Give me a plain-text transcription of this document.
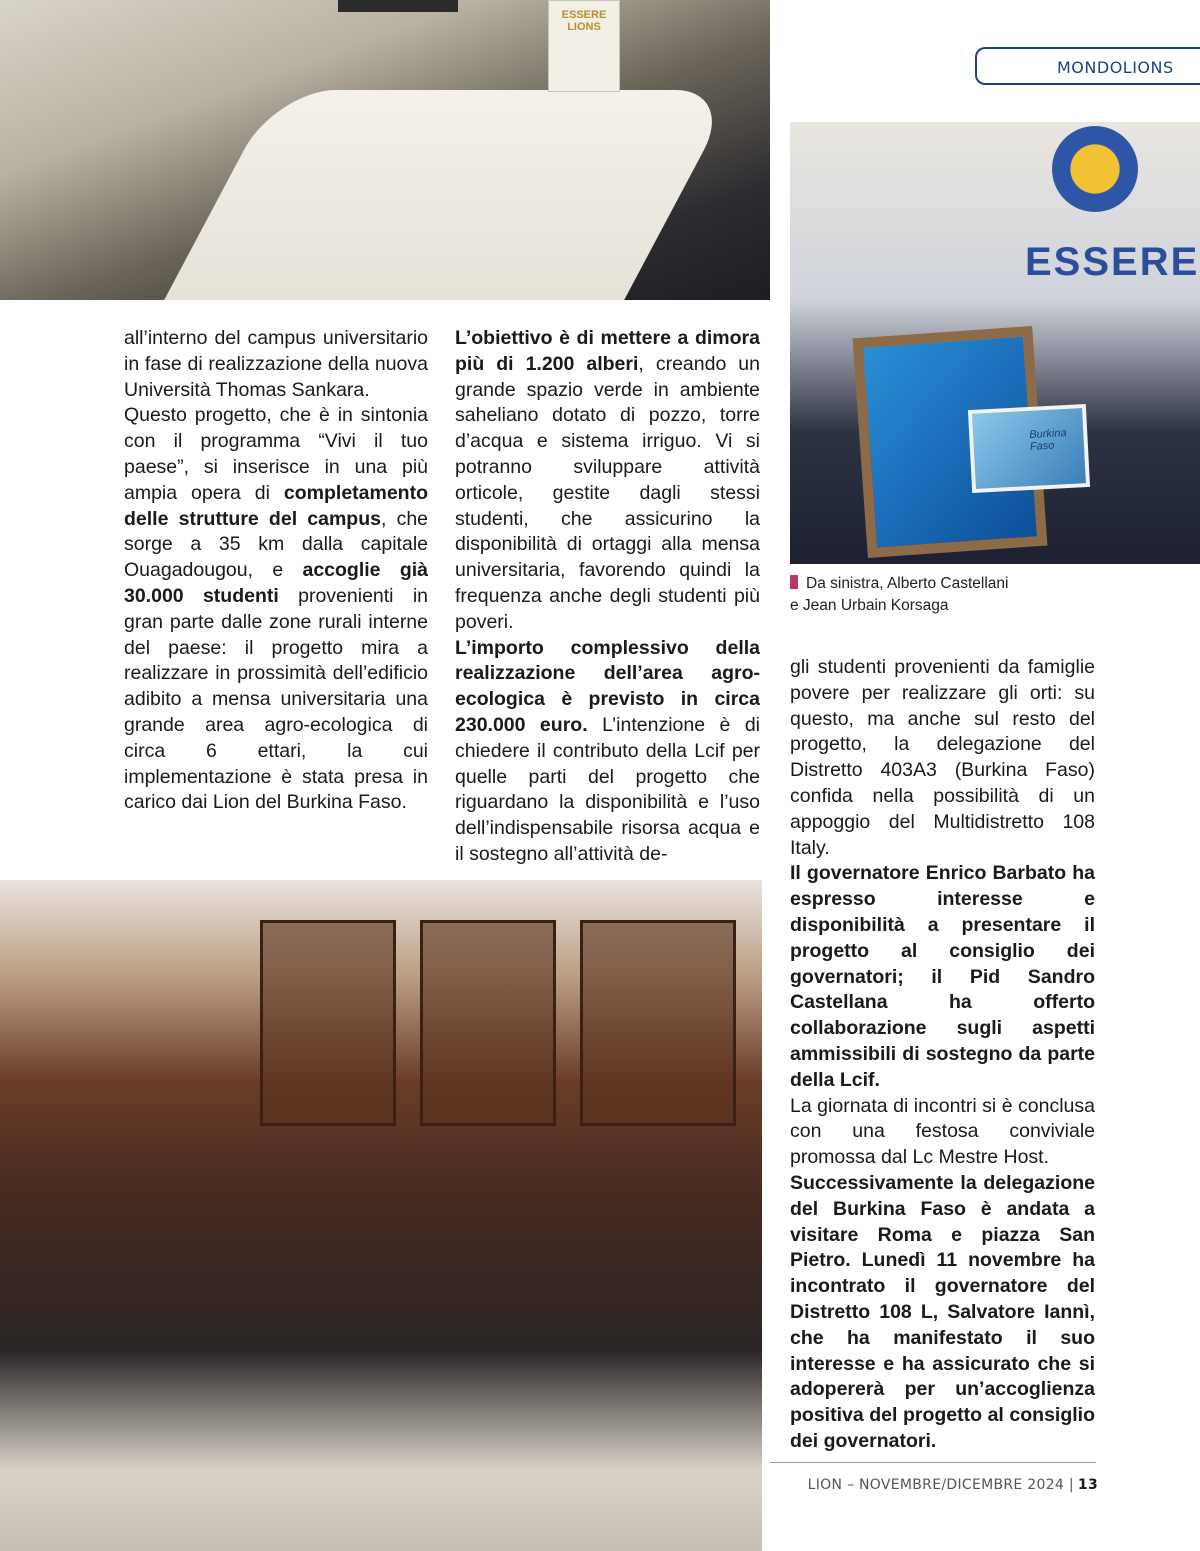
ESSERE LIONS
MONDOLIONS
ESSERE
Burkina Faso
Da sinistra, Alberto Castellani
e Jean Urbain Korsaga

all’interno del campus universitario in fase di realizzazione della nuova Università Thomas Sankara.

Questo progetto, che è in sintonia con il programma “Vivi il tuo paese”, si inserisce in una più ampia opera di completamento delle strutture del campus, che sorge a 35 km dalla capitale Ouagadougou, e accoglie già 30.000 studenti provenienti in gran parte dalle zone rurali interne del paese: il progetto mira a realizzare in prossimità dell’edificio adibito a mensa universitaria una grande area agro-ecologica di circa 6 ettari, la cui implementazione è stata presa in carico dai Lion del Burkina Faso.

L’obiettivo è di mettere a dimora più di 1.200 alberi, creando un grande spazio verde in ambiente saheliano dotato di pozzo, torre d’acqua e sistema irriguo. Vi si potranno sviluppare attività orticole, gestite dagli stessi studenti, che assicurino la disponibilità di ortaggi alla mensa universitaria, favorendo quindi la frequenza anche degli studenti più poveri.

L’importo complessivo della realizzazione dell’area agro-ecologica è previsto in circa 230.000 euro. L’intenzione è di chiedere il contributo della Lcif per quelle parti del progetto che riguardano la disponibilità e l’uso dell’indispensabile risorsa acqua e il sostegno all’attività de-

gli studenti provenienti da famiglie povere per realizzare gli orti: su questo, ma anche sul resto del progetto, la delegazione del Distretto 403A3 (Burkina Faso) confida nella possibilità di un appoggio del Multidistretto 108 Italy.

Il governatore Enrico Barbato ha espresso interesse e disponibilità a presentare il progetto al consiglio dei governatori; il Pid Sandro Castellana ha offerto collaborazione sugli aspetti ammissibili di sostegno da parte della Lcif.

La giornata di incontri si è conclusa con una festosa conviviale promossa dal Lc Mestre Host.

Successivamente la delegazione del Burkina Faso è andata a visitare Roma e piazza San Pietro. Lunedì 11 novembre ha incontrato il governatore del Distretto 108 L, Salvatore Iannì, che ha manifestato il suo interesse e ha assicurato che si adopererà per un’accoglienza positiva del progetto al consiglio dei governatori.

LION – NOVEMBRE/DICEMBRE 2024 | 13
